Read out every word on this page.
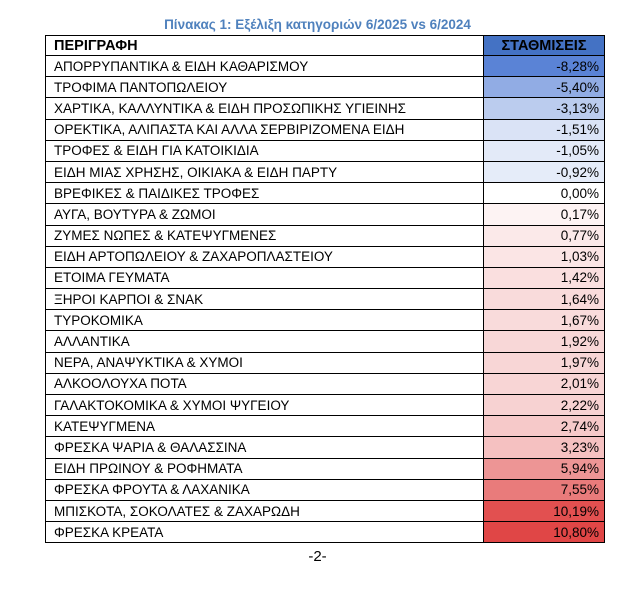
Πίνακας 1: Εξέλιξη κατηγοριών 6/2025 vs 6/2024
ΠΕΡΙΓΡΑΦΗ	ΣΤΑΘΜΙΣΕΙΣ
ΑΠΟΡΡΥΠΑΝΤΙΚΑ & ΕΙΔΗ ΚΑΘΑΡΙΣΜΟΥ	-8,28%
ΤΡΟΦΙΜΑ ΠΑΝΤΟΠΩΛΕΙΟΥ	-5,40%
ΧΑΡΤΙΚΑ, ΚΑΛΛΥΝΤΙΚΑ & ΕΙΔΗ ΠΡΟΣΩΠΙΚΗΣ ΥΓΙΕΙΝΗΣ	-3,13%
ΟΡΕΚΤΙΚΑ, ΑΛΙΠΑΣΤΑ ΚΑΙ ΑΛΛΑ ΣΕΡΒΙΡΙΖΟΜΕΝΑ ΕΙΔΗ	-1,51%
ΤΡΟΦΕΣ & ΕΙΔΗ ΓΙΑ ΚΑΤΟΙΚΙΔΙΑ	-1,05%
ΕΙΔΗ ΜΙΑΣ ΧΡΗΣΗΣ, ΟΙΚΙΑΚΑ & ΕΙΔΗ ΠΑΡΤΥ	-0,92%
ΒΡΕΦΙΚΕΣ & ΠΑΙΔΙΚΕΣ ΤΡΟΦΕΣ	0,00%
ΑΥΓΑ, ΒΟΥΤΥΡΑ & ΖΩΜΟΙ	0,17%
ΖΥΜΕΣ ΝΩΠΕΣ & ΚΑΤΕΨΥΓΜΕΝΕΣ	0,77%
ΕΙΔΗ ΑΡΤΟΠΩΛΕΙΟΥ & ΖΑΧΑΡΟΠΛΑΣΤΕΙΟΥ	1,03%
ΕΤΟΙΜΑ ΓΕΥΜΑΤΑ	1,42%
ΞΗΡΟΙ ΚΑΡΠΟΙ & ΣΝΑΚ	1,64%
ΤΥΡΟΚΟΜΙΚΑ	1,67%
ΑΛΛΑΝΤΙΚΑ	1,92%
ΝΕΡΑ, ΑΝΑΨΥΚΤΙΚΑ & ΧΥΜΟΙ	1,97%
ΑΛΚΟΟΛΟΥΧΑ ΠΟΤΑ	2,01%
ΓΑΛΑΚΤΟΚΟΜΙΚΑ & ΧΥΜΟΙ ΨΥΓΕΙΟΥ	2,22%
ΚΑΤΕΨΥΓΜΕΝΑ	2,74%
ΦΡΕΣΚΑ ΨΑΡΙΑ & ΘΑΛΑΣΣΙΝΑ	3,23%
ΕΙΔΗ ΠΡΩΙΝΟΥ & ΡΟΦΗΜΑΤΑ	5,94%
ΦΡΕΣΚΑ ΦΡΟΥΤΑ & ΛΑΧΑΝΙΚΑ	7,55%
ΜΠΙΣΚΟΤΑ, ΣΟΚΟΛΑΤΕΣ & ΖΑΧΑΡΩΔΗ	10,19%
ΦΡΕΣΚΑ ΚΡΕΑΤΑ	10,80%
-2-
